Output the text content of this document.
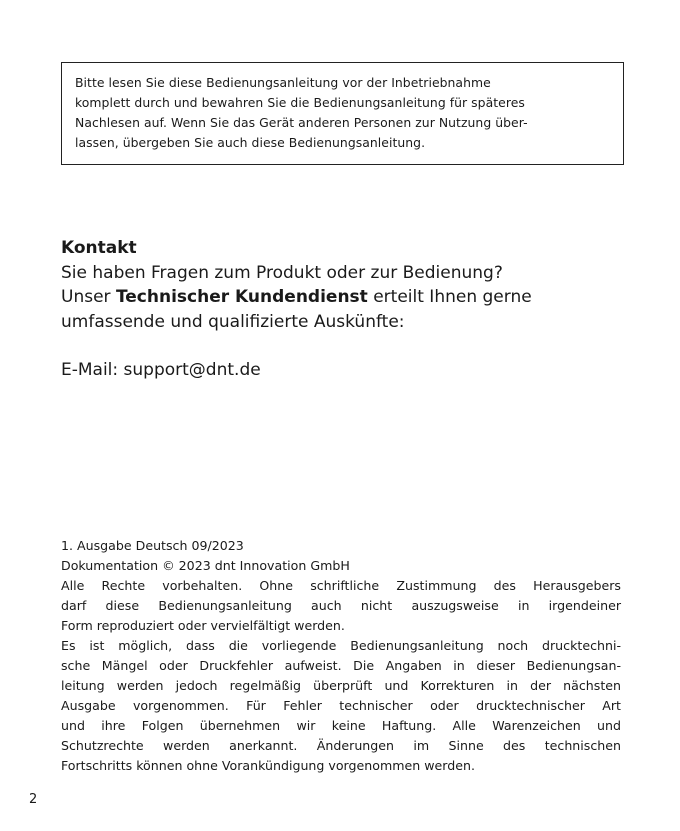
Bitte lesen Sie diese Bedienungsanleitung vor der Inbetriebnahme
komplett durch und bewahren Sie die Bedienungsanleitung für späteres
Nachlesen auf. Wenn Sie das Gerät anderen Personen zur Nutzung über-
lassen, übergeben Sie auch diese Bedienungsanleitung.
Kontakt
Sie haben Fragen zum Produkt oder zur Bedienung?
Unser Technischer Kundendienst erteilt Ihnen gerne
umfassende und qualifizierte Auskünfte:
E-Mail: support@dnt.de
1. Ausgabe Deutsch 09/2023
Dokumentation © 2023 dnt Innovation GmbH
Alle Rechte vorbehalten. Ohne schriftliche Zustimmung des Herausgebers
darf diese Bedienungsanleitung auch nicht auszugsweise in irgendeiner
Form reproduziert oder vervielfältigt werden.
Es ist möglich, dass die vorliegende Bedienungsanleitung noch drucktechni-
sche Mängel oder Druckfehler aufweist. Die Angaben in dieser Bedienungsan-
leitung werden jedoch regelmäßig überprüft und Korrekturen in der nächsten
Ausgabe vorgenommen. Für Fehler technischer oder drucktechnischer Art
und ihre Folgen übernehmen wir keine Haftung. Alle Warenzeichen und
Schutzrechte werden anerkannt. Änderungen im Sinne des technischen
Fortschritts können ohne Vorankündigung vorgenommen werden.
2
